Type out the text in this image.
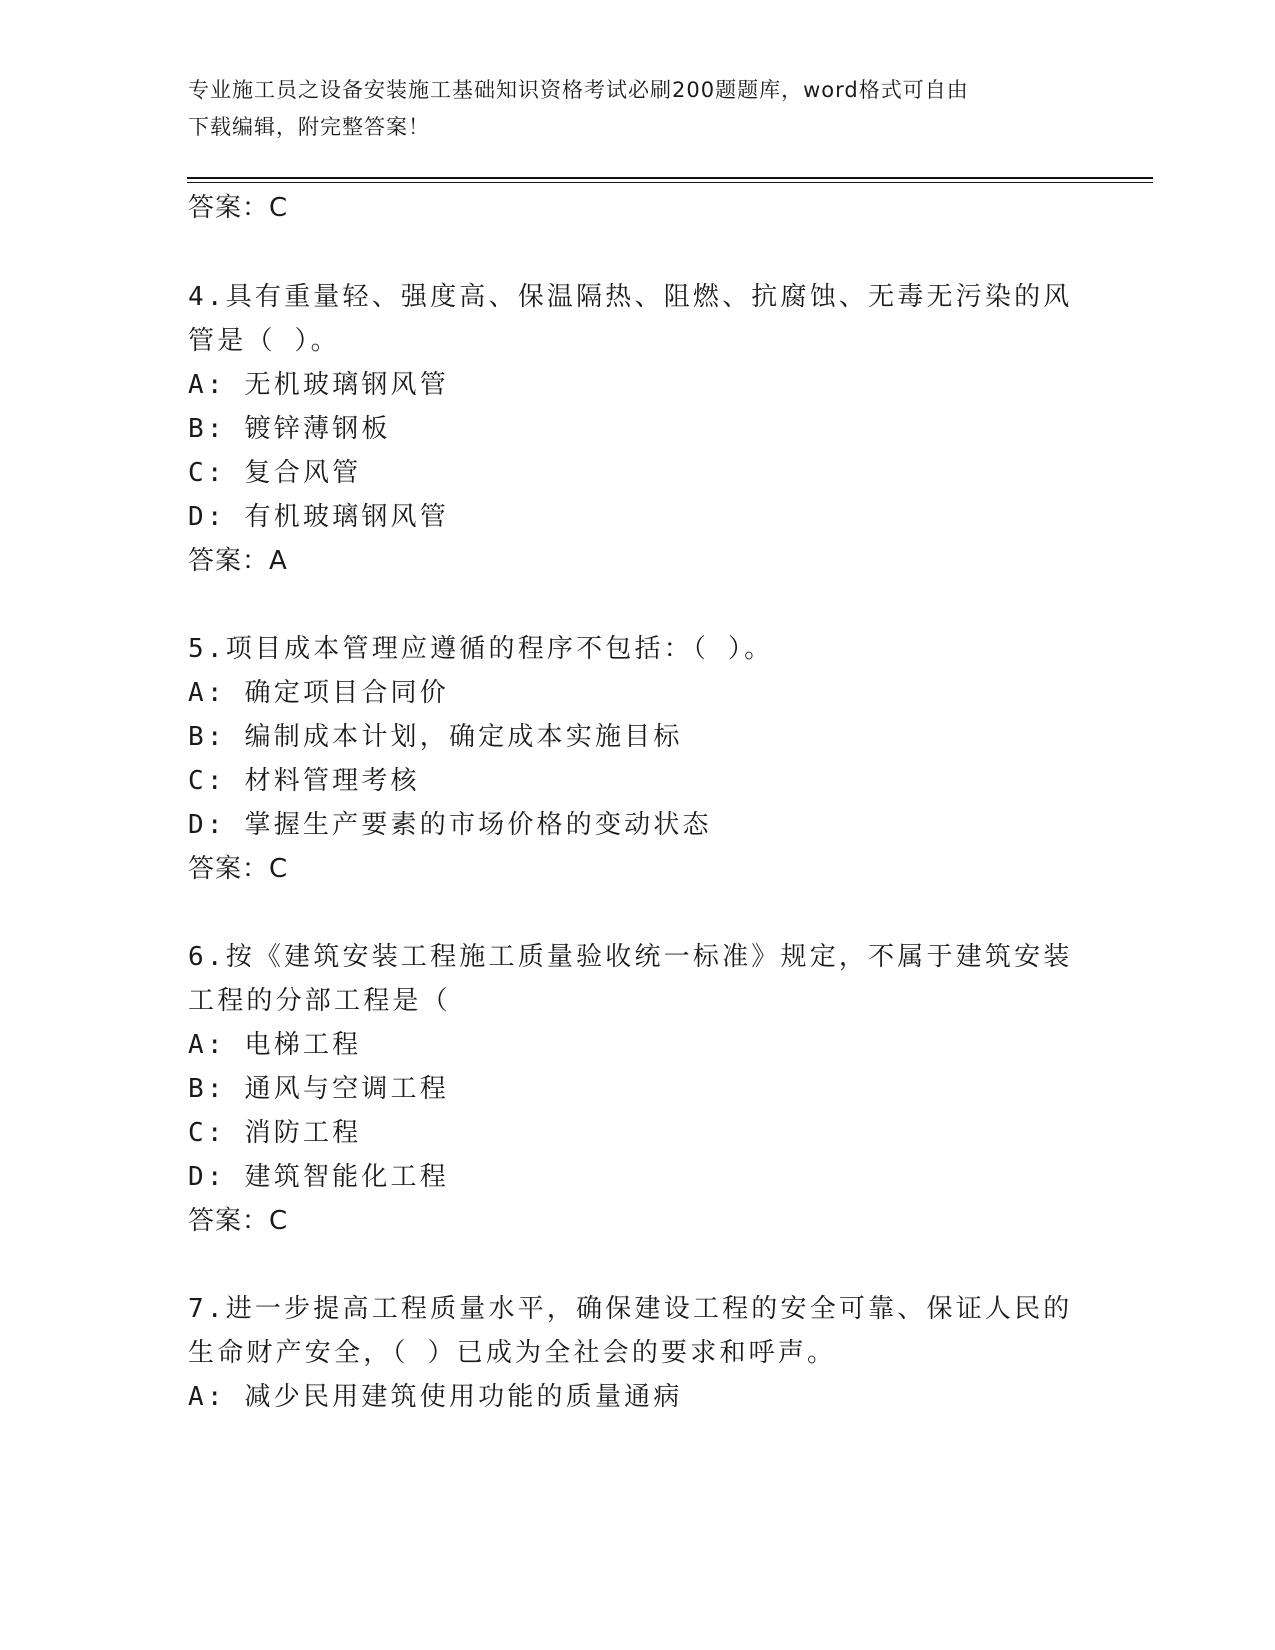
专业施工员之设备安装施工基础知识资格考试必刷200题题库，word格式可自由
下载编辑，附完整答案！
答案：C
4.具有重量轻、强度高、保温隔热、阻燃、抗腐蚀、无毒无污染的风
管是（ ）。
A: 无机玻璃钢风管
B: 镀锌薄钢板
C: 复合风管
D: 有机玻璃钢风管
答案：A
5.项目成本管理应遵循的程序不包括：（ ）。
A: 确定项目合同价
B: 编制成本计划，确定成本实施目标
C: 材料管理考核
D: 掌握生产要素的市场价格的变动状态
答案：C
6.按《建筑安装工程施工质量验收统一标准》规定，不属于建筑安装
工程的分部工程是（
A: 电梯工程
B: 通风与空调工程
C: 消防工程
D: 建筑智能化工程
答案：C
7.进一步提高工程质量水平，确保建设工程的安全可靠、保证人民的
生命财产安全，（ ）已成为全社会的要求和呼声。
A: 减少民用建筑使用功能的质量通病
